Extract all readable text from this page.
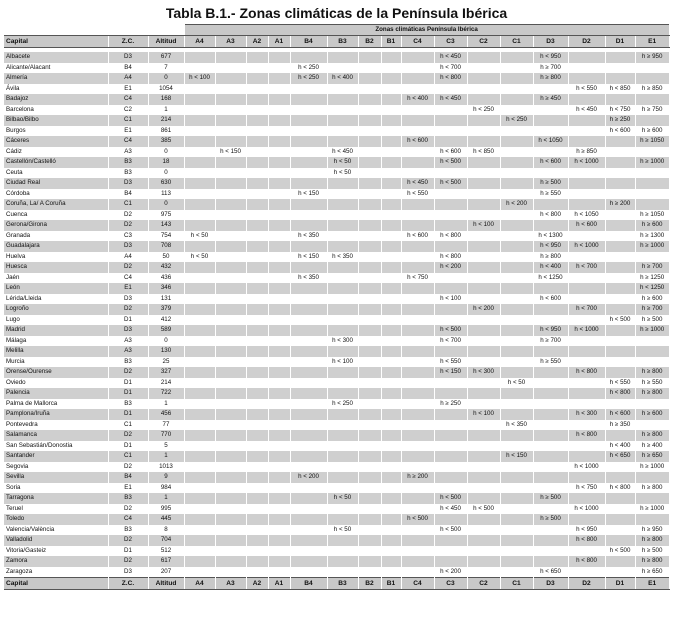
Tabla B.1.- Zonas climáticas de la Península Ibérica
			Zonas climáticas Península Ibérica															
Capital	Z.C.	Altitud	A4	A3	A2	A1	B4	B3	B2	B1	C4	C3	C2	C1	D3	D2	D1	E1

Albacete	D3	677										h < 450			h < 950			h ≥ 950
Alicante/Alacant	B4	7					h < 250					h < 700			h ≥ 700			
Almería	A4	0	h < 100				h < 250	h < 400				h < 800			h ≥ 800			
Ávila	E1	1054														h < 550	h < 850	h ≥ 850
Badajoz	C4	168									h < 400	h < 450			h ≥ 450			
Barcelona	C2	1											h < 250			h < 450	h < 750	h ≥ 750
Bilbao/Bilbo	C1	214												h < 250			h ≥ 250	
Burgos	E1	861															h < 600	h ≥ 600
Cáceres	C4	385									h < 600				h < 1050			h ≥ 1050
Cádiz	A3	0		h < 150				h < 450				h < 600	h < 850			h ≥ 850		
Castellón/Castelló	B3	18						h < 50				h < 500			h < 600	h < 1000		h ≥ 1000
Ceuta	B3	0						h < 50										
Ciudad Real	D3	630									h < 450	h < 500			h ≥ 500			
Córdoba	B4	113					h < 150				h < 550				h ≥ 550			
Coruña, La/ A Coruña	C1	0												h < 200			h ≥ 200	
Cuenca	D2	975													h < 800	h < 1050		h ≥ 1050
Gerona/Girona	D2	143											h < 100			h < 600		h ≥ 600
Granada	C3	754	h < 50				h < 350				h < 600	h < 800			h < 1300			h ≥ 1300
Guadalajara	D3	708													h < 950	h < 1000		h ≥ 1000
Huelva	A4	50	h < 50				h < 150	h < 350				h < 800			h ≥ 800			
Huesca	D2	432										h < 200			h < 400	h < 700		h ≥ 700
Jaén	C4	436					h < 350				h < 750				h < 1250			h ≥ 1250
León	E1	346																h < 1250
Lérida/Lleida	D3	131										h < 100			h < 600			h ≥ 600
Logroño	D2	379											h < 200			h < 700		h ≥ 700
Lugo	D1	412															h < 500	h ≥ 500
Madrid	D3	589										h < 500			h < 950	h < 1000		h ≥ 1000
Málaga	A3	0						h < 300				h < 700			h ≥ 700			
Melilla	A3	130																
Murcia	B3	25						h < 100				h < 550			h ≥ 550			
Orense/Ourense	D2	327										h < 150	h < 300			h < 800		h ≥ 800
Oviedo	D1	214												h < 50			h < 550	h ≥ 550
Palencia	D1	722															h < 800	h ≥ 800
Palma de Mallorca	B3	1						h < 250				h ≥ 250						
Pamplona/Iruña	D1	456											h < 100			h < 300	h < 600	h ≥ 600
Pontevedra	C1	77												h < 350			h ≥ 350	
Salamanca	D2	770														h < 800		h ≥ 800
San Sebastián/Donostia	D1	5															h < 400	h ≥ 400
Santander	C1	1												h < 150			h < 650	h ≥ 650
Segovia	D2	1013														h < 1000		h ≥ 1000
Sevilla	B4	9					h < 200				h ≥ 200							
Soria	E1	984														h < 750	h < 800	h ≥ 800
Tarragona	B3	1						h < 50				h < 500			h ≥ 500			
Teruel	D2	995										h < 450	h < 500			h < 1000		h ≥ 1000
Toledo	C4	445									h < 500				h ≥ 500			
Valencia/València	B3	8						h < 50				h < 500				h < 950		h ≥ 950
Valladolid	D2	704														h < 800		h ≥ 800
Vitoria/Gasteiz	D1	512															h < 500	h ≥ 500
Zamora	D2	617														h < 800		h ≥ 800
Zaragoza	D3	207										h < 200			h < 650			h ≥ 650
Capital	Z.C.	Altitud	A4	A3	A2	A1	B4	B3	B2	B1	C4	C3	C2	C1	D3	D2	D1	E1
